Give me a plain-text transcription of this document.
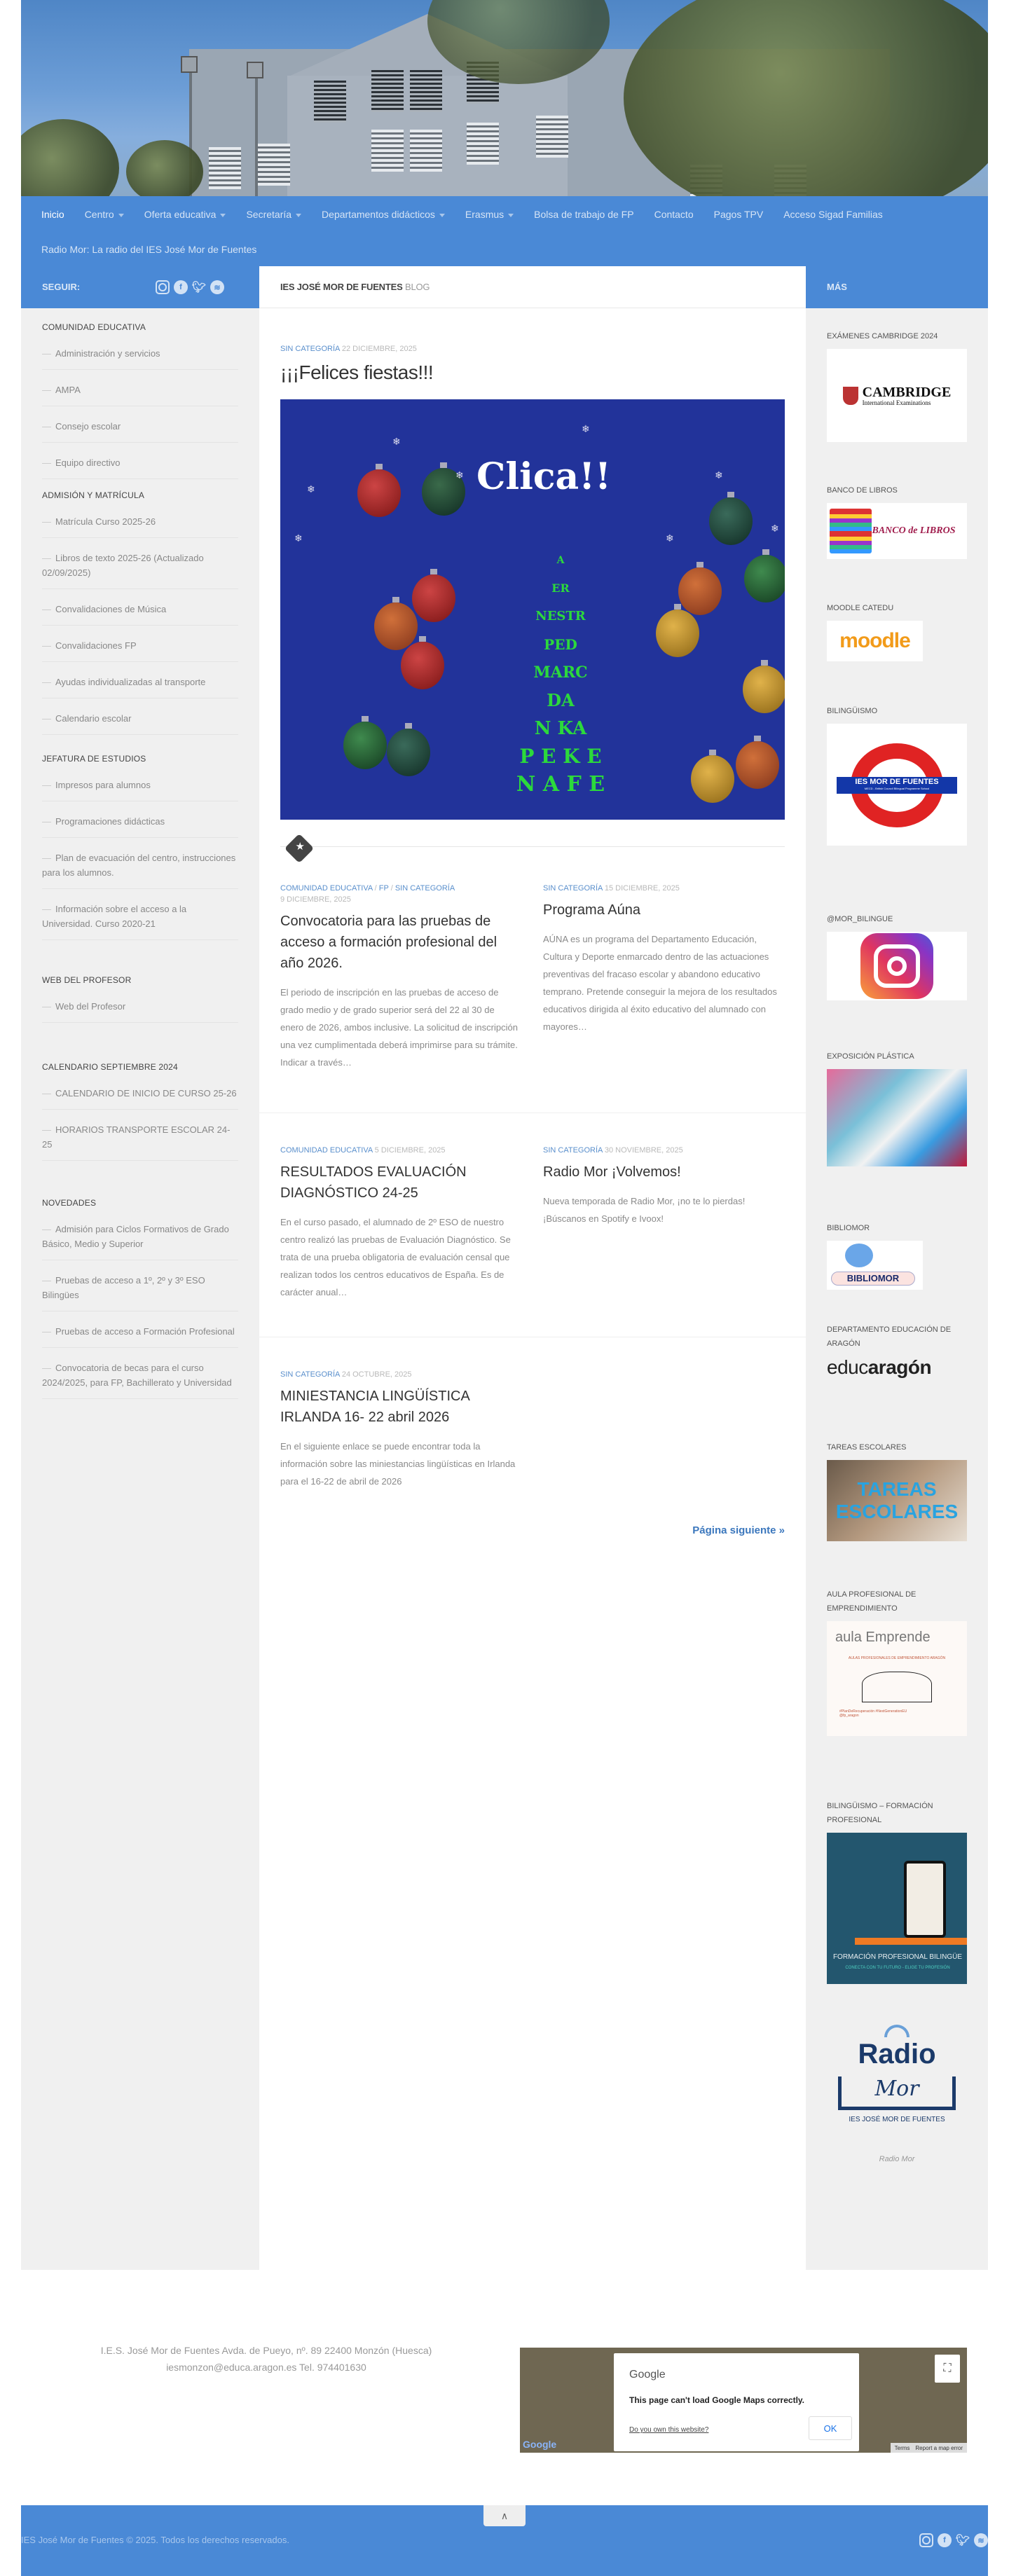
Inicio Centro	Oferta educativa	Secretaría	Departamentos didácticos	Erasmus	Bolsa de trabajo de FP Contacto Pagos TPV Acceso Sigad Familias
Radio Mor: La radio del IES José Mor de Fuentes
SEGUIR:	f 🐦︎	≋	MÁS
COMUNIDAD EDUCATIVA
— Administración y servicios
— AMPA
— Consejo escolar
— Equipo directivo
ADMISIÓN Y MATRÍCULA
— Matrícula Curso 2025-26
— Libros de texto 2025-26 (Actualizado 02/09/2025)
— Convalidaciones de Música
— Convalidaciones FP
— Ayudas individualizadas al transporte
— Calendario escolar
JEFATURA DE ESTUDIOS
— Impresos para alumnos
— Programaciones didácticas
— Plan de evacuación del centro, instrucciones para los alumnos.
— Información sobre el acceso a la Universidad. Curso 2020-21
WEB DEL PROFESOR
— Web del Profesor
CALENDARIO SEPTIEMBRE 2024
— CALENDARIO DE INICIO DE CURSO 25-26
— HORARIOS TRANSPORTE ESCOLAR 24-25
NOVEDADES
— Admisión para Ciclos Formativos de Grado Básico, Medio y Superior
— Pruebas de acceso a 1º, 2º y 3º ESO Bilingües
— Pruebas de acceso a Formación Profesional
— Convocatoria de becas para el curso 2024/2025, para FP, Bachillerato y Universidad
IES JOSÉ MOR DE FUENTES BLOG
SIN CATEGORÍA 22 DICIEMBRE, 2025
¡¡¡Felices fiestas!!!
Clica!!
❄
❄
❄
❄
❄
❄
❄
❄
A
ER
NESTR
PED
MARC
DA
N KA
P E K E
N A F E
★
COMUNIDAD EDUCATIVA / FP / SIN CATEGORÍA
9 DICIEMBRE, 2025
Convocatoria para las pruebas de acceso a formación profesional del año 2026.
El periodo de inscripción en las pruebas de acceso de grado medio y de grado superior será del 22 al 30 de enero de 2026, ambos inclusive. La solicitud de inscripción una vez cumplimentada deberá imprimirse para su trámite. Indicar a través…
SIN CATEGORÍA 15 DICIEMBRE, 2025
Programa Aúna
AÚNA es un programa del Departamento Educación, Cultura y Deporte enmarcado dentro de las actuaciones preventivas del fracaso escolar y abandono educativo temprano. Pretende conseguir la mejora de los resultados educativos dirigida al éxito educativo del alumnado con mayores…
COMUNIDAD EDUCATIVA 5 DICIEMBRE, 2025
RESULTADOS EVALUACIÓN DIAGNÓSTICO 24-25
En el curso pasado, el alumnado de 2º ESO de nuestro centro realizó las pruebas de Evaluación Diagnóstico. Se trata de una prueba obligatoria de evaluación censal que realizan todos los centros educativos de España. Es de carácter anual…
SIN CATEGORÍA 30 NOVIEMBRE, 2025
Radio Mor ¡Volvemos!
Nueva temporada de Radio Mor, ¡no te lo pierdas! ¡Búscanos en Spotify e Ivoox!
SIN CATEGORÍA 24 OCTUBRE, 2025
MINIESTANCIA LINGÜÍSTICA IRLANDA 16- 22 abril 2026
En el siguiente enlace se puede encontrar toda la información sobre las miniestancias lingüísticas en Irlanda para el 16-22 de abril de 2026
Página siguiente »
EXÁMENES CAMBRIDGE 2024
CAMBRIDGE
International Examinations
BANCO DE LIBROS
BANCO de LIBROS
MOODLE CATEDU
moodle
BILINGÜISMO
IES MOR DE FUENTES
MECD - British Council Bilingual Programme School
@MOR_BILINGUE
EXPOSICIÓN PLÁSTICA
BIBLIOMOR
BIBLIOMOR
DEPARTAMENTO EDUCACIÓN DE ARAGÓN
educaragón
TAREAS ESCOLARES
TAREAS ESCOLARES
AULA PROFESIONAL DE EMPRENDIMIENTO
aula Emprende
AULAS PROFESIONALES DE EMPRENDIMIENTO ARAGÓN
#PlanDeRecuperación #NextGenerationEU @fp_aragon
BILINGÜISMO – FORMACIÓN PROFESIONAL
FORMACIÓN PROFESIONAL BILINGÜE
CONECTA CON TU FUTURO - ELIGE TU PROFESIÓN
Radio
Mor
IES JOSÉ MOR DE FUENTES
Radio Mor
I.E.S. José Mor de Fuentes Avda. de Pueyo, nº. 89 22400 Monzón (Huesca)
iesmonzon@educa.aragon.es Tel. 974401630
Google
This page can't load Google Maps correctly.
Do you own this website?	OK
⛶
Google	Terms Report a map error
IES José Mor de Fuentes © 2025. Todos los derechos reservados.	f 🐦︎	≋
∧
